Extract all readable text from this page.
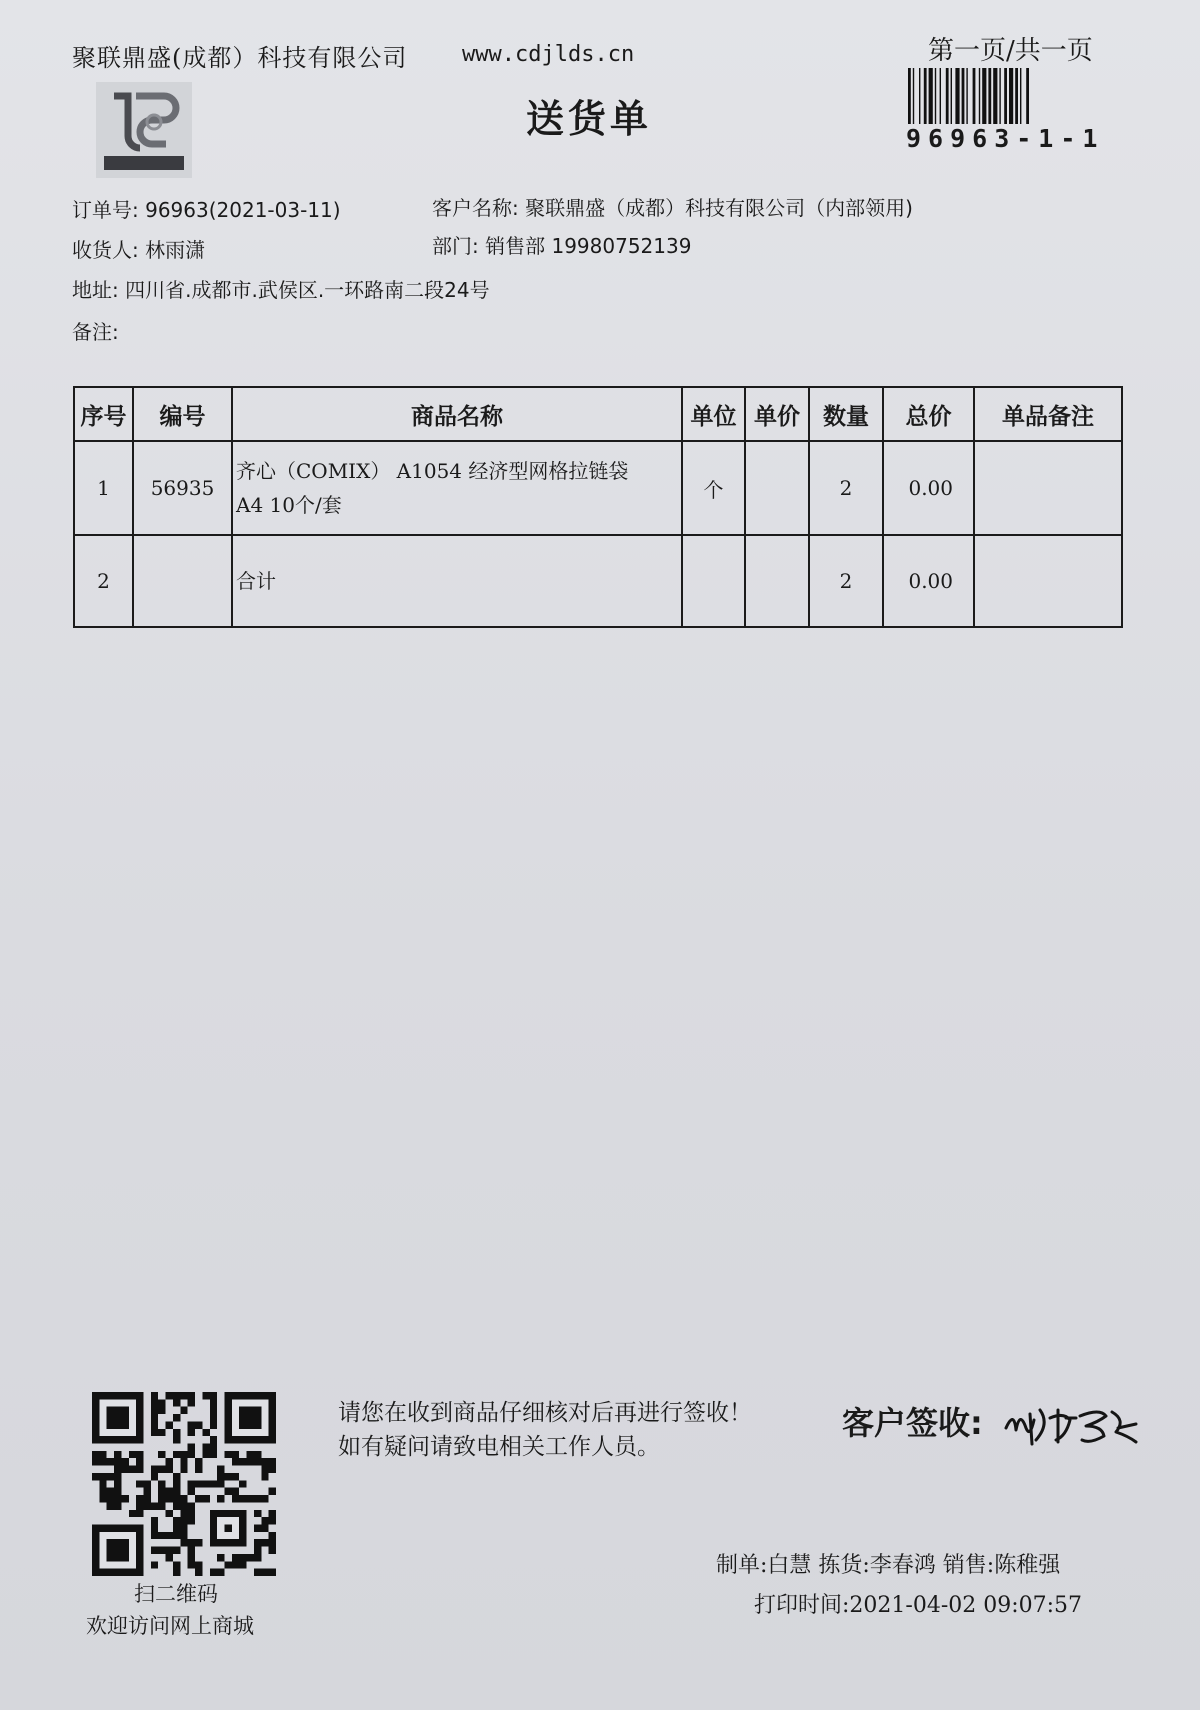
聚联鼎盛(成都）科技有限公司 www.cdjlds.cn	第一页/共一页
96963-1-1
送货单
订单号: 96963(2021-03-11)	客户名称: 聚联鼎盛（成都）科技有限公司（内部领用)
收货人: 林雨潇	部门: 销售部 19980752139
地址: 四川省.成都市.武侯区.一环路南二段24号
备注:
序号	编号	商品名称	单位	单价	数量	总价	单品备注
1	56935	齐心（COMIX） A1054 经济型网格拉链袋
A4 10个/套	个		2	0.00	
2		合计			2	0.00	
扫二维码
欢迎访问网上商城
请您在收到商品仔细核对后再进行签收！如有疑问请致电相关工作人员。
客户签收:
制单:白慧 拣货:李春鸿 销售:陈稚强
打印时间:2021-04-02 09:07:57
